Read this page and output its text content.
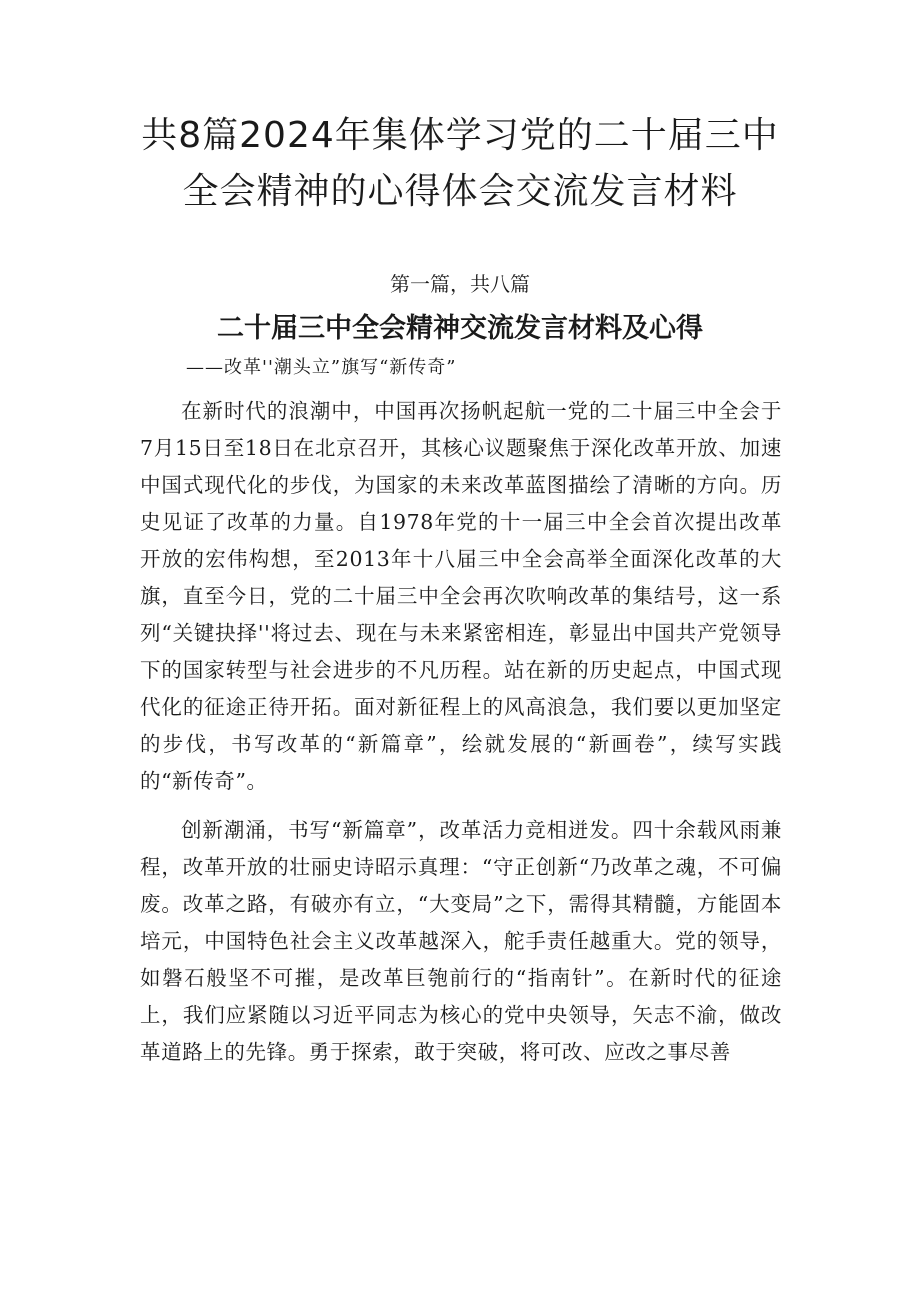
共8篇2024年集体学习党的二十届三中全会精神的心得体会交流发言材料
第一篇，共八篇
二十届三中全会精神交流发言材料及心得
——改革''潮头立”旗写“新传奇”

在新时代的浪潮中，中国再次扬帆起航一党的二十届三中全会于7月15日至18日在北京召开，其核心议题聚焦于深化改革开放、加速中国式现代化的步伐，为国家的未来改革蓝图描绘了清晰的方向。历史见证了改革的力量。自1978年党的十一届三中全会首次提出改革开放的宏伟构想，至2013年十八届三中全会高举全面深化改革的大旗，直至今日，党的二十届三中全会再次吹响改革的集结号，这一系列“关键抉择''将过去、现在与未来紧密相连，彰显出中国共产党领导下的国家转型与社会进步的不凡历程。站在新的历史起点，中国式现代化的征途正待开拓。面对新征程上的风高浪急，我们要以更加坚定的步伐，书写改革的“新篇章”，绘就发展的“新画卷”，续写实践的“新传奇”。

创新潮涌，书写“新篇章”，改革活力竞相迸发。四十余载风雨兼程，改革开放的壮丽史诗昭示真理：“守正创新“乃改革之魂，不可偏废。改革之路，有破亦有立，“大变局”之下，需得其精髓，方能固本培元，中国特色社会主义改革越深入，舵手责任越重大。党的领导，如磐石般坚不可摧，是改革巨匏前行的“指南针”。在新时代的征途上，我们应紧随以习近平同志为核心的党中央领导，矢志不渝，做改革道路上的先锋。勇于探索，敢于突破，将可改、应改之事尽善
